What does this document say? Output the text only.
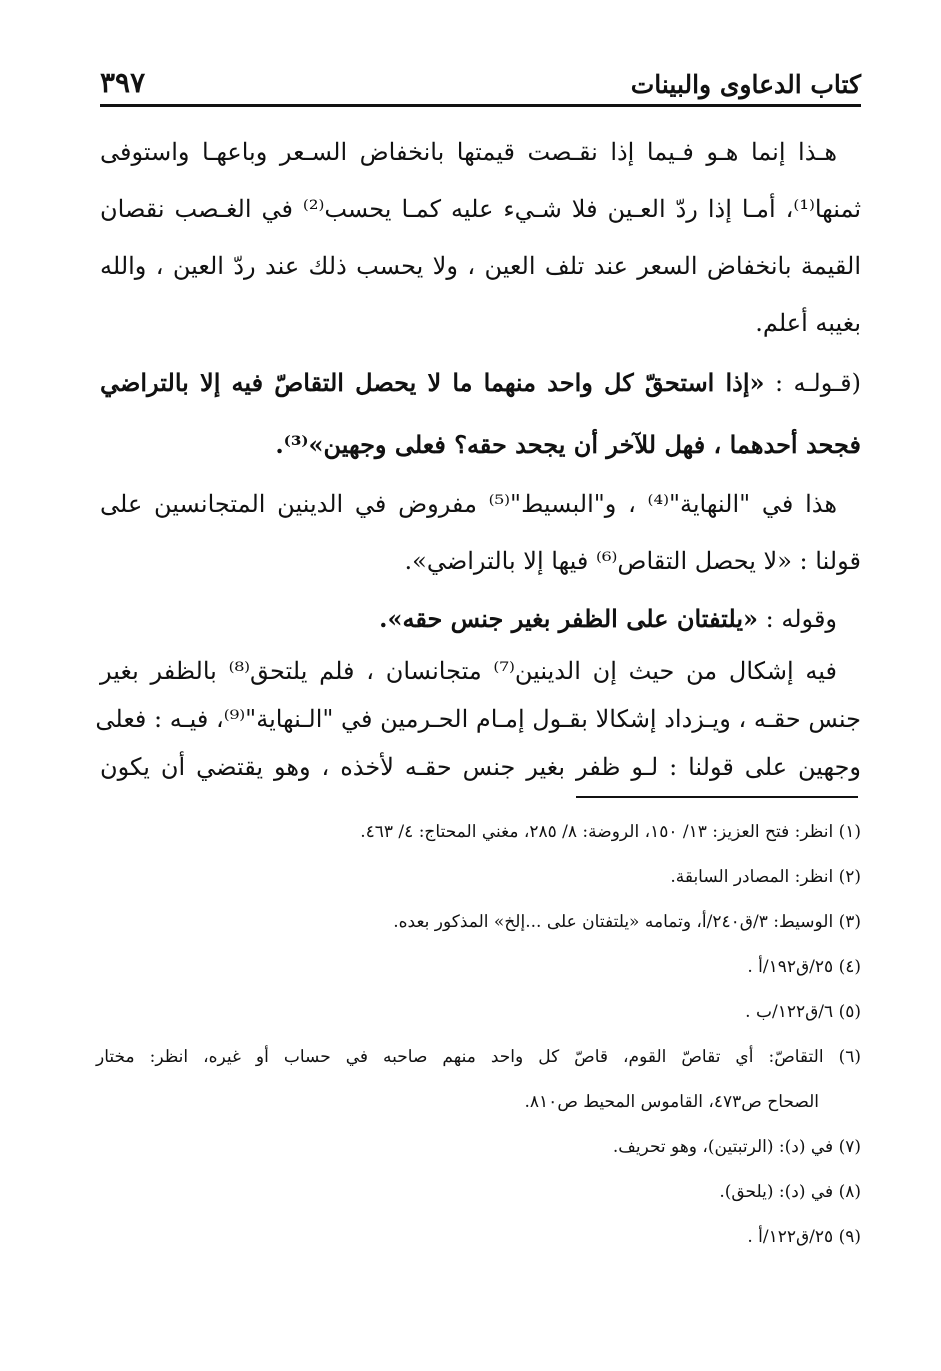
كتاب الدعاوى والبينات
٣٩٧
هـذا إنما هـو فـيما إذا نقـصت قيمتها بانخفاض السـعر وباعهـا واستوفى
ثمنها⁽¹⁾، أمـا إذا ردّ العـين فلا شـيء عليه كمـا يحسب⁽²⁾ في الغـصب نقصان
القيمة بانخفاض السعر عند تلف العين ، ولا يحسب ذلك عند ردّ العين ، والله
بغيبه أعلم.
(قـولـه : «إذا استحقّ كل واحد منهما ما لا يحصل التقاصّ فيه إلا بالتراضي
فجحد أحدهما ، فهل للآخر أن يجحد حقه؟ فعلى وجهين»⁽³⁾.
هذا في "النهاية"⁽⁴⁾ ، و"البسيط"⁽⁵⁾ مفروض في الدينين المتجانسين على
قولنا : «لا يحصل التقاص⁽⁶⁾ فيها إلا بالتراضي».
وقوله : «يلتفتان على الظفر بغير جنس حقه».
فيه إشكال من حيث إن الدينين⁽⁷⁾ متجانسان ، فلم يلتحق⁽⁸⁾ بالظفر بغير
جنس حقـه ، ويـزداد إشكالا بقـول إمـام الحـرمين في "الـنهاية"⁽⁹⁾، فيـه : فعلى
وجهين على قولنا : لـو ظفر بغير جنس حقـه لأخذه ، وهو يقتضي أن يكون
(١) انظر: فتح العزيز: ١٣/ ١٥٠، الروضة: ٨/ ٢٨٥، مغني المحتاج: ٤/ ٤٦٣.
(٢) انظر: المصادر السابقة.
(٣) الوسيط: ٣/ق٢٤٠/أ، وتمامه «يلتفتان على ...إلخ» المذكور بعده.
(٤) ٢٥/ق١٩٢/أ .
(٥) ٦/ق١٢٢/ب .
(٦) التقاصّ: أي تقاصّ القوم، قاصّ كل واحد منهم صاحبه في حساب أو غيره، انظر: مختار
الصحاح ص٤٧٣، القاموس المحيط ص٨١٠.
(٧) في (د): (الرتبتين)، وهو تحريف.
(٨) في (د): (يلحق).
(٩) ٢٥/ق١٢٢/أ .
